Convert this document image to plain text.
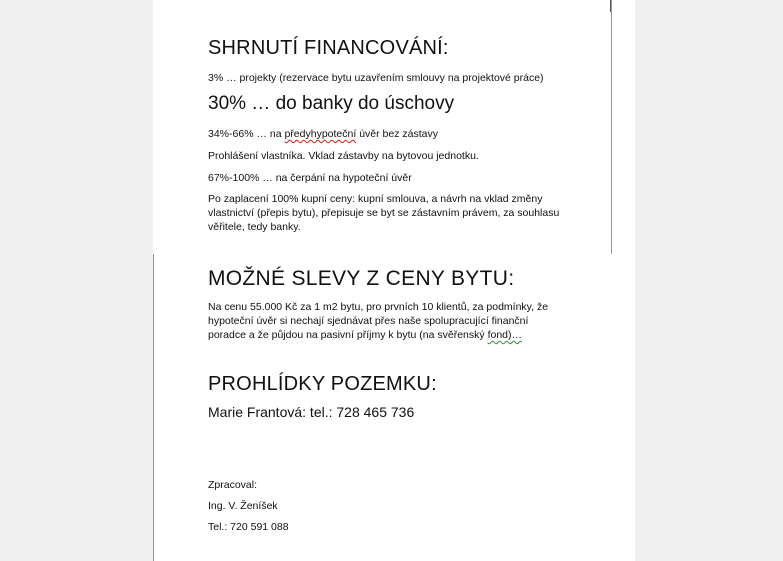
SHRNUTÍ FINANCOVÁNÍ:
3% … projekty (rezervace bytu uzavřením smlouvy na projektové práce)
30% … do banky do úschovy
34%-66% … na předyhypoteční úvěr bez zástavy
Prohlášení vlastníka. Vklad zástavby na bytovou jednotku.
67%-100% … na čerpání na hypoteční úvěr
Po zaplacení 100% kupní ceny: kupní smlouva, a návrh na vklad změny vlastnictví (přepis bytu), přepisuje se byt se zástavním právem, za souhlasu věřitele, tedy banky.
MOŽNÉ SLEVY Z CENY BYTU:
Na cenu 55.000 Kč za 1 m2 bytu, pro prvních 10 klientů, za podmínky, že hypoteční úvěr si nechají sjednávat přes naše spolupracující finanční poradce a že půjdou na pasivní příjmy k bytu (na svěřenský fond)…
PROHLÍDKY POZEMKU:
Marie Frantová: tel.: 728 465 736
Zpracoval:
Ing. V. Ženíšek
Tel.: 720 591 088
